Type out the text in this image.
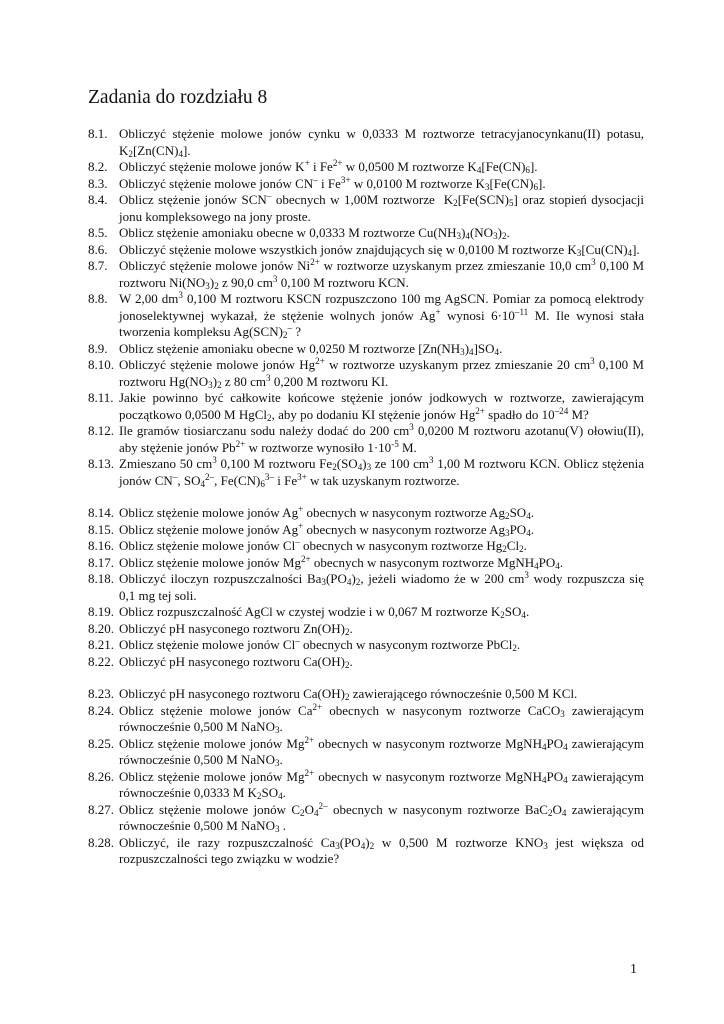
Zadania do rozdziału 8
8.1. Obliczyć stężenie molowe jonów cynku w 0,0333 M roztworze tetracyjanocynkanu(II) potasu, $K_2[Zn(CN)_4]$.
8.2. Obliczyć stężenie molowe jonów K+ i $Fe^{2+}$ w 0,0500 M roztworze $K_4[Fe(CN)_6]$.
8.3. Obliczyć stężenie molowe jonów CN– i $Fe^{3+}$ w 0,0100 M roztworze $K_3[Fe(CN)_6]$.
8.4. Oblicz stężenie jonów SCN– obecnych w 1,00M roztworze  $K_2[Fe(SCN)_5]$ oraz stopień dysocjacji jonu kompleksowego na jony proste.
8.5. Oblicz stężenie amoniaku obecne w 0,0333 M roztworze $Cu(NH_3)_4(NO_3)_2$.
8.6. Obliczyć stężenie molowe wszystkich jonów znajdujących się w 0,0100 M roztworze $K_3[Cu(CN)_4]$.
8.7. Obliczyć stężenie molowe jonów $Ni^{2+}$ w roztworze uzyskanym przez zmieszanie 10,0 $cm^3$ 0,100 M roztworu $Ni(NO_3)_2$ z 90,0 $cm^3$ 0,100 M roztworu KCN.
8.8. W 2,00 $dm^3$ 0,100 M roztworu KSCN rozpuszczono 100 mg AgSCN. Pomiar za pomocą elektrody jonoselektywnej wykazał, że stężenie wolnych jonów Ag+ wynosi $6\cdot 10^{-11}$ M. Ile wynosi stała tworzenia kompleksu $Ag(SCN)_2^-$ ?
8.9. Oblicz stężenie amoniaku obecne w 0,0250 M roztworze $[Zn(NH_3)_4]SO_4$.
8.10. Obliczyć stężenie molowe jonów $Hg^{2+}$ w roztworze uzyskanym przez zmieszanie 20 $cm^3$ 0,100 M roztworu $Hg(NO_3)_2$ z 80 $cm^3$ 0,200 M roztworu KI.
8.11. Jakie powinno być całkowite końcowe stężenie jonów jodkowych w roztworze, zawierającym początkowo 0,0500 M HgCl$_2$, aby po dodaniu KI stężenie jonów $Hg^{2+}$ spadło do $10^{-24}$ M?
8.12. Ile gramów tiosiarczanu sodu należy dodać do 200 $cm^3$ 0,0200 M roztworu azotanu(V) ołowiu(II), aby stężenie jonów $Pb^{2+}$ w roztworze wynosiło $1\cdot 10^{-5}$ M.
8.13. Zmieszano 50 $cm^3$ 0,100 M roztworu $Fe_2(SO_4)_3$ ze 100 $cm^3$ 1,00 M roztworu KCN. Oblicz stężenia jonów CN–, $SO_4^{2-}$, $Fe(CN)_6^{3-}$ i $Fe^{3+}$ w tak uzyskanym roztworze.
8.14. Oblicz stężenie molowe jonów Ag+ obecnych w nasyconym roztworze $Ag_2SO_4$.
8.15. Oblicz stężenie molowe jonów Ag+ obecnych w nasyconym roztworze $Ag_3PO_4$.
8.16. Oblicz stężenie molowe jonów Cl– obecnych w nasyconym roztworze $Hg_2Cl_2$.
8.17. Oblicz stężenie molowe jonów $Mg^{2+}$ obecnych w nasyconym roztworze $MgNH_4PO_4$.
8.18. Obliczyć iloczyn rozpuszczalności $Ba_3(PO_4)_2$, jeżeli wiadomo że w 200 $cm^3$ wody rozpuszcza się 0,1 mg tej soli.
8.19. Oblicz rozpuszczalność AgCl w czystej wodzie i w 0,067 M roztworze $K_2SO_4$.
8.20. Obliczyć pH nasyconego roztworu $Zn(OH)_2$.
8.21. Oblicz stężenie molowe jonów Cl– obecnych w nasyconym roztworze PbCl$_2$.
8.22. Obliczyć pH nasyconego roztworu $Ca(OH)_2$.
8.23. Obliczyć pH nasyconego roztworu $Ca(OH)_2$ zawierającego równocześnie 0,500 M KCl.
8.24. Oblicz stężenie molowe jonów $Ca^{2+}$ obecnych w nasyconym roztworze CaCO$_3$ zawierającym równocześnie 0,500 M NaNO$_3$.
8.25. Oblicz stężenie molowe jonów $Mg^{2+}$ obecnych w nasyconym roztworze $MgNH_4PO_4$ zawierającym równocześnie 0,500 M NaNO$_3$.
8.26. Oblicz stężenie molowe jonów $Mg^{2+}$ obecnych w nasyconym roztworze $MgNH_4PO_4$ zawierającym równocześnie 0,0333 M $K_2SO_4$.
8.27. Oblicz stężenie molowe jonów $C_2O_4^{2-}$ obecnych w nasyconym roztworze $BaC_2O_4$ zawierającym równocześnie 0,500 M NaNO$_3$ .
8.28. Obliczyć, ile razy rozpuszczalność $Ca_3(PO_4)_2$ w 0,500 M roztworze $KNO_3$ jest większa od rozpuszczalności tego związku w wodzie?
1
